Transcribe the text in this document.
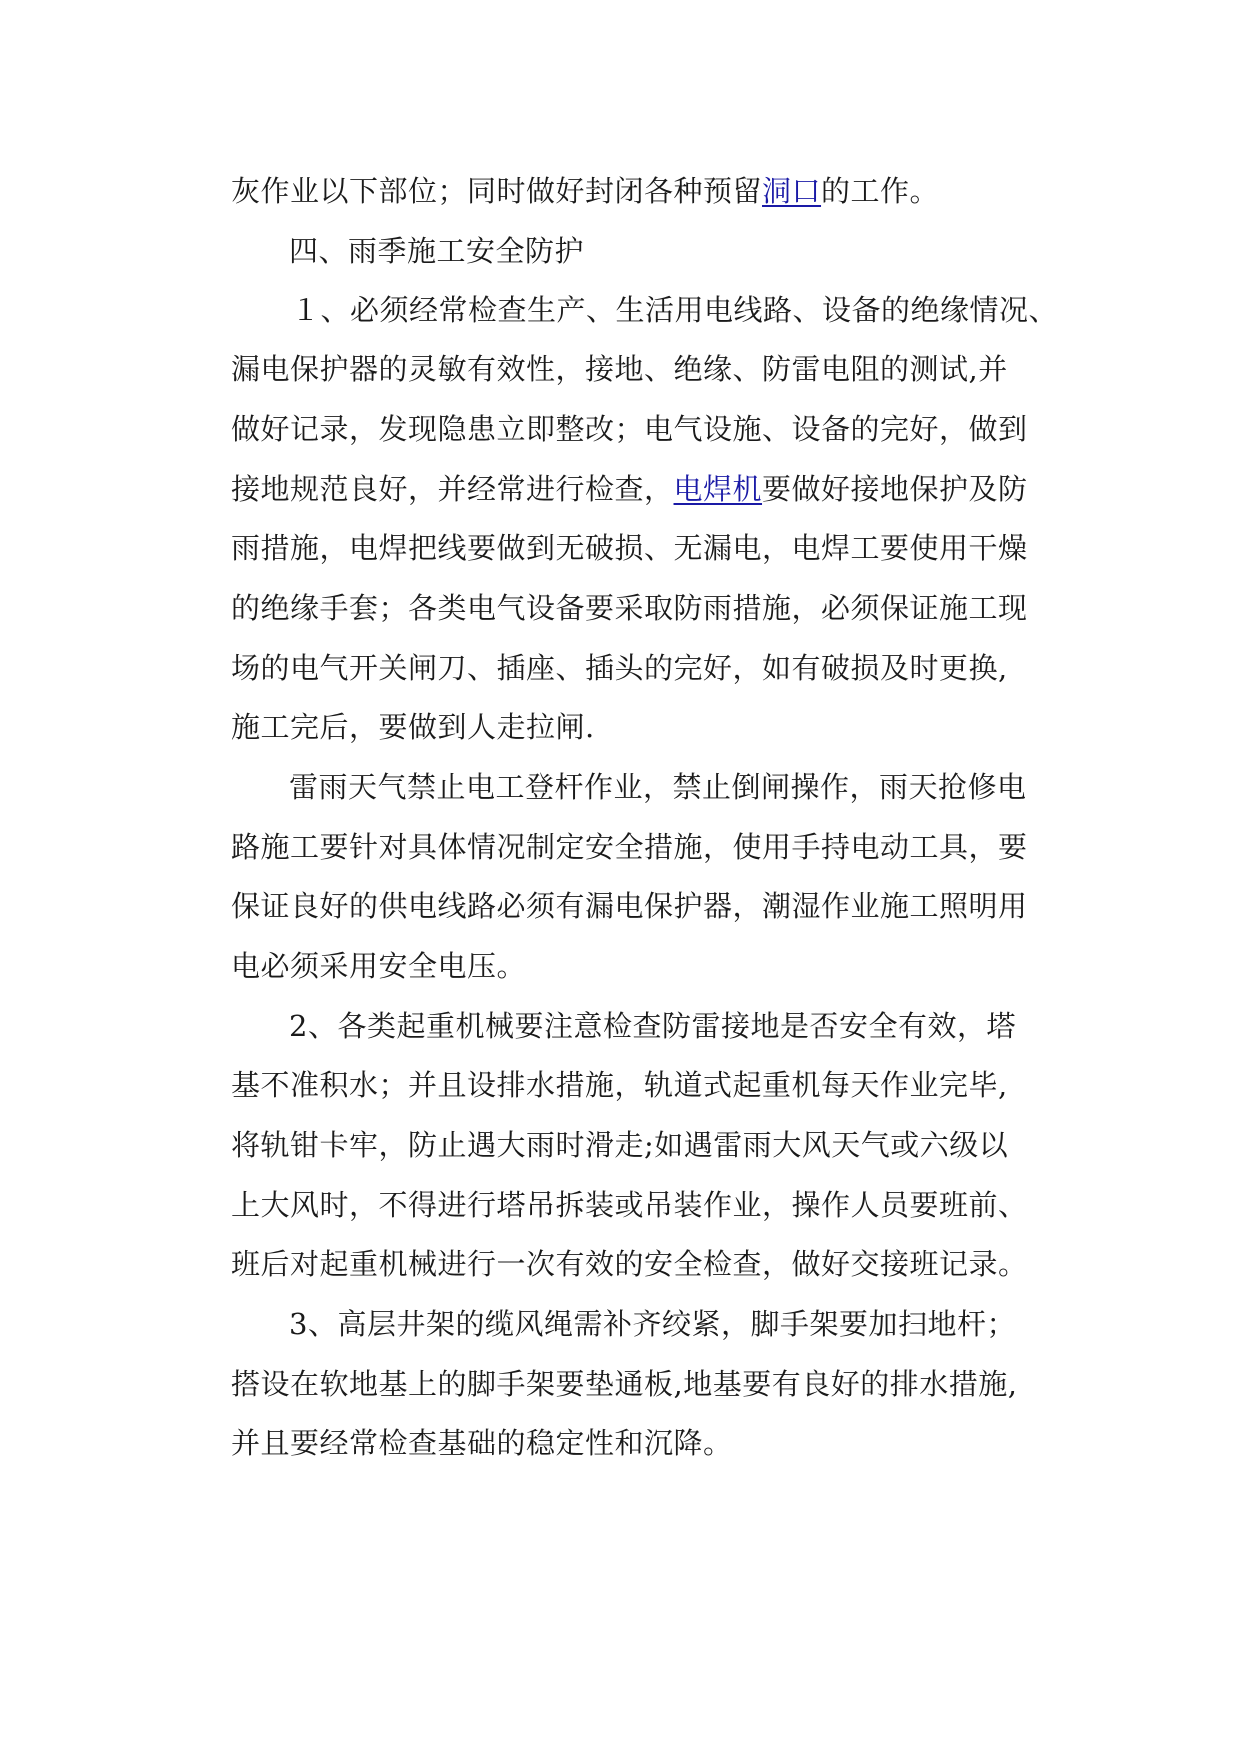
灰作业以下部位；同时做好封闭各种预留洞口的工作。
四、雨季施工安全防护
１、必须经常检查生产、生活用电线路、设备的绝缘情况、
漏电保护器的灵敏有效性，接地、绝缘、防雷电阻的测试,并
做好记录，发现隐患立即整改；电气设施、设备的完好，做到
接地规范良好，并经常进行检查，电焊机要做好接地保护及防
雨措施，电焊把线要做到无破损、无漏电，电焊工要使用干燥
的绝缘手套；各类电气设备要采取防雨措施，必须保证施工现
场的电气开关闸刀、插座、插头的完好，如有破损及时更换,
施工完后，要做到人走拉闸.
雷雨天气禁止电工登杆作业，禁止倒闸操作，雨天抢修电
路施工要针对具体情况制定安全措施，使用手持电动工具，要
保证良好的供电线路必须有漏电保护器，潮湿作业施工照明用
电必须采用安全电压。
2、各类起重机械要注意检查防雷接地是否安全有效，塔
基不准积水；并且设排水措施，轨道式起重机每天作业完毕,
将轨钳卡牢，防止遇大雨时滑走;如遇雷雨大风天气或六级以
上大风时，不得进行塔吊拆装或吊装作业，操作人员要班前、
班后对起重机械进行一次有效的安全检查，做好交接班记录。
3、高层井架的缆风绳需补齐绞紧，脚手架要加扫地杆；
搭设在软地基上的脚手架要垫通板,地基要有良好的排水措施,
并且要经常检查基础的稳定性和沉降。
